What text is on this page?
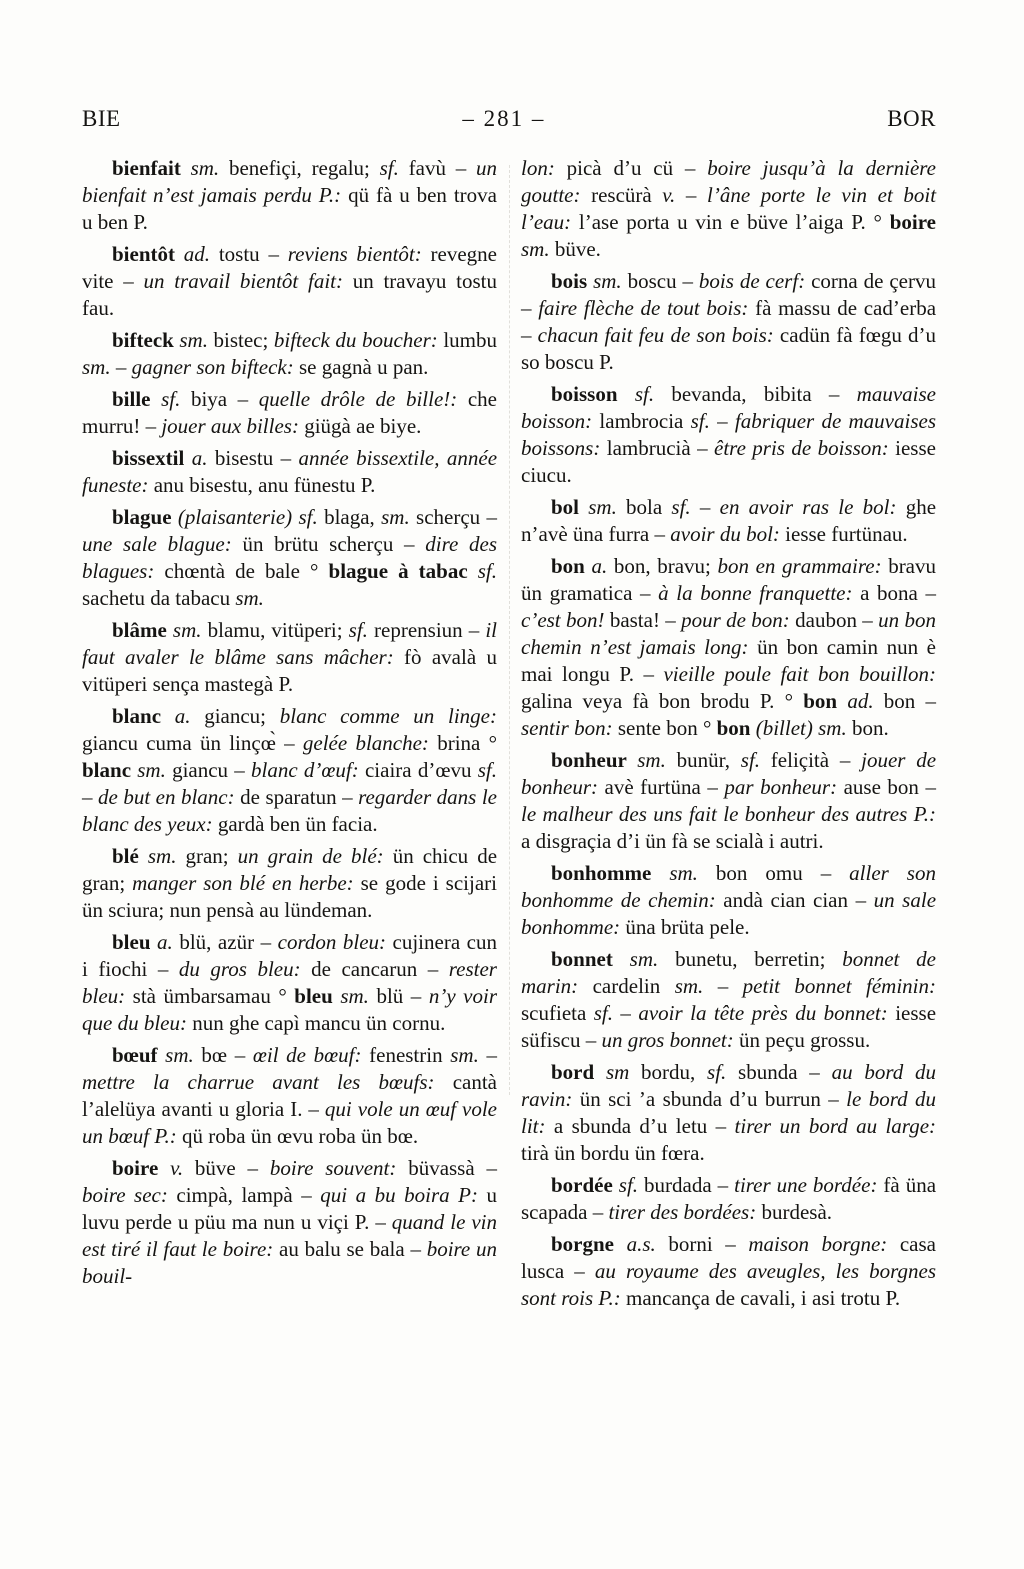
BIE	– 281 –	BOR

bienfait sm. benefiçi, regalu; sf. favù – un bienfait n’est jamais perdu P.: qü fà u ben trova u ben P.

bientôt ad. tostu – reviens bientôt: revegne vite – un travail bientôt fait: un travayu tostu fau.

bifteck sm. bistec; bifteck du boucher: lumbu sm. – gagner son bifteck: se gagnà u pan.

bille sf. biya – quelle drôle de bille!: che murru! – jouer aux billes: giügà ae biye.

bissextil a. bisestu – année bissextile, année funeste: anu bisestu, anu fünestu P.

blague (plaisanterie) sf. blaga, sm. scherçu – une sale blague: ün brütu scherçu – dire des blagues: chœntà de bale ° blague à tabac sf. sachetu da tabacu sm.

blâme sm. blamu, vitüperi; sf. reprensiun – il faut avaler le blâme sans mâcher: fò avalà u vitüperi sença mastegà P.

blanc a. giancu; blanc comme un linge: giancu cuma ün linçœ̀ – gelée blanche: brina ° blanc sm. giancu – blanc d’œuf: ciaira d’œvu sf. – de but en blanc: de sparatun – regarder dans le blanc des yeux: gardà ben ün facia.

blé sm. gran; un grain de blé: ün chicu de gran; manger son blé en herbe: se gode i scijari ün sciura; nun pensà au lündeman.

bleu a. blü, azür – cordon bleu: cujinera cun i fiochi – du gros bleu: de cancarun – rester bleu: stà ümbarsamau ° bleu sm. blü – n’y voir que du bleu: nun ghe capì mancu ün cornu.

bœuf sm. bœ – œil de bœuf: fenestrin sm. – mettre la charrue avant les bœufs: cantà l’alelüya avanti u gloria I. – qui vole un œuf vole un bœuf P.: qü roba ün œvu roba ün bœ.

boire v. büve – boire souvent: büvassà – boire sec: cimpà, lampà – qui a bu boira P: u luvu perde u püu ma nun u viçi P. – quand le vin est tiré il faut le boire: au balu se bala – boire un bouil-

lon: picà d’u cü – boire jusqu’à la dernière goutte: rescürà v. – l’âne porte le vin et boit l’eau: l’ase porta u vin e büve l’aiga P. ° boire sm. büve.

bois sm. boscu – bois de cerf: corna de çervu – faire flèche de tout bois: fà massu de cad’erba – chacun fait feu de son bois: cadün fà fœgu d’u so boscu P.

boisson sf. bevanda, bibita – mauvaise boisson: lambrocia sf. – fabriquer de mauvaises boissons: lambrucià – être pris de boisson: iesse ciucu.

bol sm. bola sf. – en avoir ras le bol: ghe n’avè üna furra – avoir du bol: iesse furtünau.

bon a. bon, bravu; bon en grammaire: bravu ün gramatica – à la bonne franquette: a bona – c’est bon! basta! – pour de bon: daubon – un bon chemin n’est jamais long: ün bon camin nun è mai longu P. – vieille poule fait bon bouillon: galina veya fà bon brodu P. ° bon ad. bon – sentir bon: sente bon ° bon (billet) sm. bon.

bonheur sm. bunür, sf. feliçità – jouer de bonheur: avè furtüna – par bonheur: ause bon – le malheur des uns fait le bonheur des autres P.: a disgraçia d’i ün fà se scialà i autri.

bonhomme sm. bon omu – aller son bonhomme de chemin: andà cian cian – un sale bonhomme: üna brüta pele.

bonnet sm. bunetu, berretin; bonnet de marin: cardelin sm. – petit bonnet féminin: scufieta sf. – avoir la tête près du bonnet: iesse süfiscu – un gros bonnet: ün peçu grossu.

bord sm bordu, sf. sbunda – au bord du ravin: ün sci ’a sbunda d’u burrun – le bord du lit: a sbunda d’u letu – tirer un bord au large: tirà ün bordu ün fœra.

bordée sf. burdada – tirer une bordée: fà üna scapada – tirer des bordées: burdesà.

borgne a.s. borni – maison borgne: casa lusca – au royaume des aveugles, les borgnes sont rois P.: mancança de cavali, i asi trotu P.
